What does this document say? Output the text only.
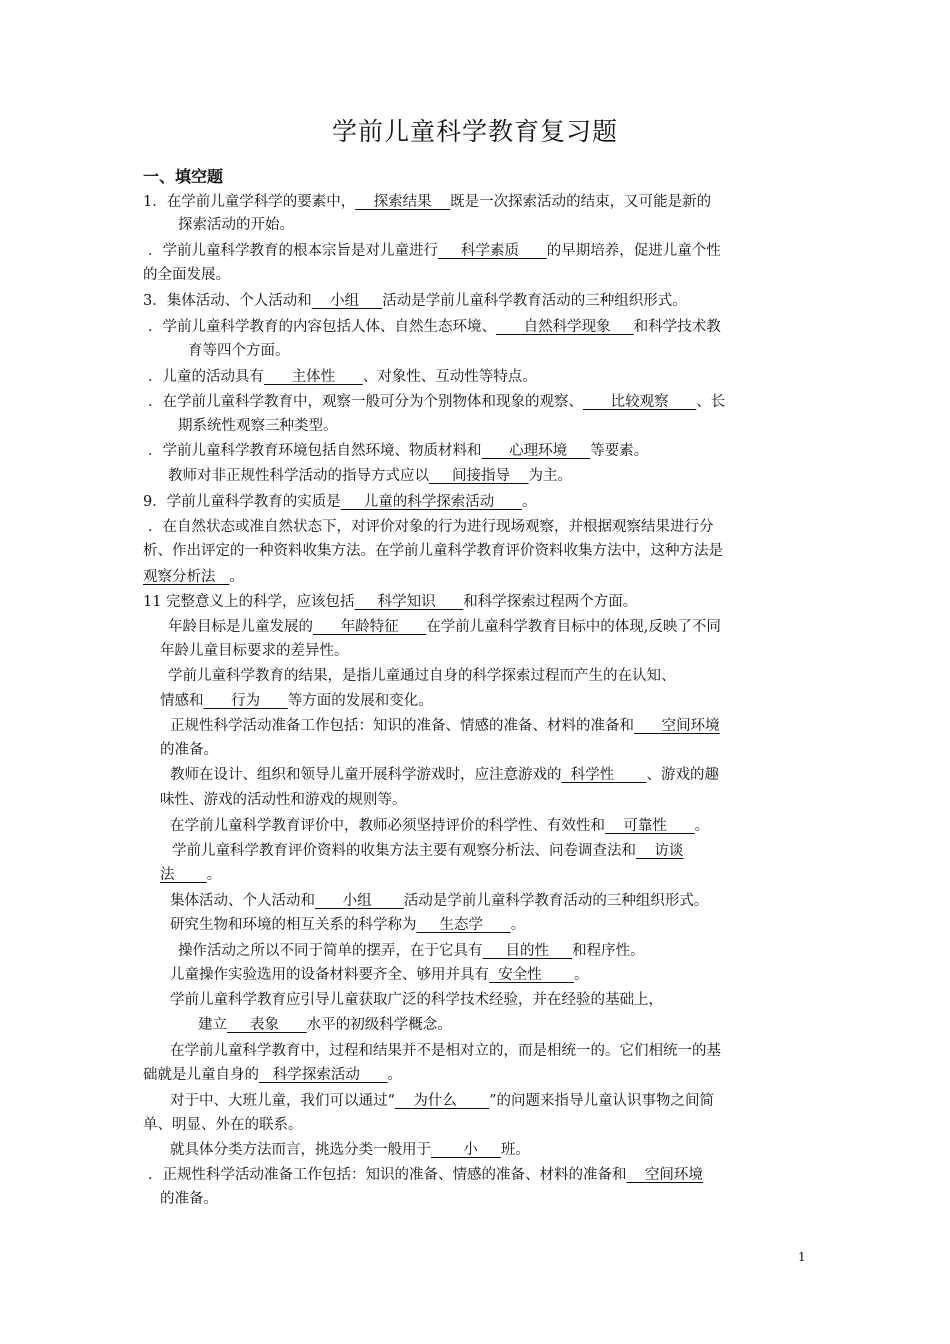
学前儿童科学教育复习题
一、填空题
1．在学前儿童学科学的要素中，    探索结果    既是一次探索活动的结束，又可能是新的
探索活动的开始。
．学前儿童科学教育的根本宗旨是对儿童进行     科学素质      的早期培养，促进儿童个性
的全面发展。
3．集体活动、个人活动和    小组     活动是学前儿童科学教育活动的三种组织形式。
．学前儿童科学教育的内容包括人体、自然生态环境、      自然科学现象     和科学技术教
育等四个方面。
．儿童的活动具有      主体性      、对象性、互动性等特点。
．在学前儿童科学教育中，观察一般可分为个别物体和现象的观察、      比较观察      、长
期系统性观察三种类型。
．学前儿童科学教育环境包括自然环境、物质材料和      心理环境     等要素。
教师对非正规性科学活动的指导方式应以     间接指导    为主。
9．学前儿童科学教育的实质是     儿童的科学探索活动      。
．在自然状态或准自然状态下，对评价对象的行为进行现场观察，并根据观察结果进行分
析、作出评定的一种资料收集方法。在学前儿童科学教育评价资料收集方法中，这种方法是
观察分析法   。
11 完整意义上的科学，应该包括     科学知识      和科学探索过程两个方面。
年龄目标是儿童发展的      年龄特征      在学前儿童科学教育目标中的体现,反映了不同
年龄儿童目标要求的差异性。
学前儿童科学教育的结果，是指儿童通过自身的科学探索过程而产生的在认知、
情感和      行为      等方面的发展和变化。
正规性科学活动准备工作包括：知识的准备、情感的准备、材料的准备和      空间环境
的准备。
教师在设计、组织和领导儿童开展科学游戏时，应注意游戏的  科学性       、游戏的趣
味性、游戏的活动性和游戏的规则等。
在学前儿童科学教育评价中，教师必须坚持评价的科学性、有效性和    可靠性      。
学前儿童科学教育评价资料的收集方法主要有观察分析法、问卷调查法和    访谈
法       。
集体活动、个人活动和      小组       活动是学前儿童科学教育活动的三种组织形式。
研究生物和环境的相互关系的科学称为     生态学      。
操作活动之所以不同于简单的摆弄，在于它具有     目的性     和程序性。
儿童操作实验选用的设备材料要齐全、够用并具有  安全性       。
学前儿童科学教育应引导儿童获取广泛的科学技术经验，并在经验的基础上，
建立     表象      水平的初级科学概念。
在学前儿童科学教育中，过程和结果并不是相对立的，而是相统一的。它们相统一的基
础就是儿童自身的   科学探索活动      。
对于中、大班儿童，我们可以通过“    为什么       ”的问题来指导儿童认识事物之间简
单、明显、外在的联系。
就具体分类方法而言，挑选分类一般用于       小     班。
．正规性科学活动准备工作包括：知识的准备、情感的准备、材料的准备和    空间环境
的准备。
1
